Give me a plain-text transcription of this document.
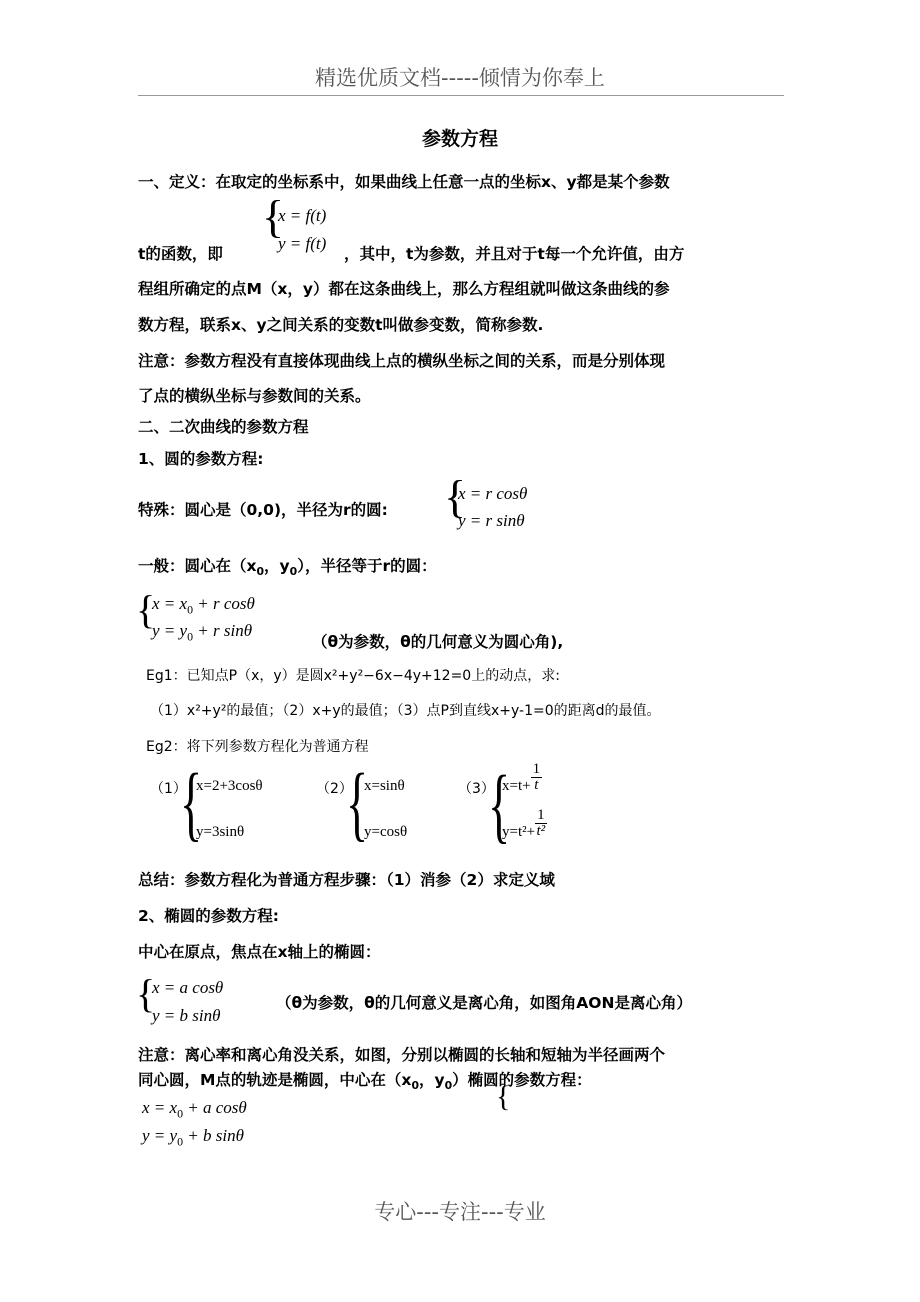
精选优质文档-----倾情为你奉上
参数方程
一、定义：在取定的坐标系中，如果曲线上任意一点的坐标x、y都是某个参数
{
x = f(t)
y = f(t)
t的函数，即	，其中，t为参数，并且对于t每一个允许值，由方
程组所确定的点M（x，y）都在这条曲线上，那么方程组就叫做这条曲线的参
数方程，联系x、y之间关系的变数t叫做参变数，简称参数.
注意：参数方程没有直接体现曲线上点的横纵坐标之间的关系，而是分别体现
了点的横纵坐标与参数间的关系。
二、二次曲线的参数方程
1、圆的参数方程:
特殊：圆心是（0,0)，半径为r的圆: {
x = r cosθ
y = r sinθ
一般：圆心在（$x_0$，$y_0$），半径等于r的圆：
{
$x = x_0 + r$ cosθ
$y = y_0 + r$ sinθ
（θ为参数，θ的几何意义为圆心角),
Eg1：已知点P（x，y）是圆x²+y²−6x−4y+12=0上的动点，求:
（1）x²+y²的最值；（2）x+y的最值；（3）点P到直线x+y-1=0的距离d的最值。
Eg2：将下列参数方程化为普通方程
（1）
{
x=2+3cosθ
y=3sinθ
（2）
{
x=sinθ
y=cosθ
（3）
{
$x=t+ \frac{1}{t}$
$y=t^2+ \frac{1}{\text{t²}}$
总结：参数方程化为普通方程步骤：（1）消参（2）求定义域
2、椭圆的参数方程:
中心在原点，焦点在x轴上的椭圆：
{
x = a cosθ
y = b sinθ
（θ为参数，θ的几何意义是离心角，如图角AON是离心角）
注意：离心率和离心角没关系，如图，分别以椭圆的长轴和短轴为半径画两个
同心圆，M点的轨迹是椭圆，中心在（$x_0$，$y_0$）椭圆的参数方程：
{
$x = x_0 + a$ cosθ
$y = y_0 + b$ sinθ
专心---专注---专业
